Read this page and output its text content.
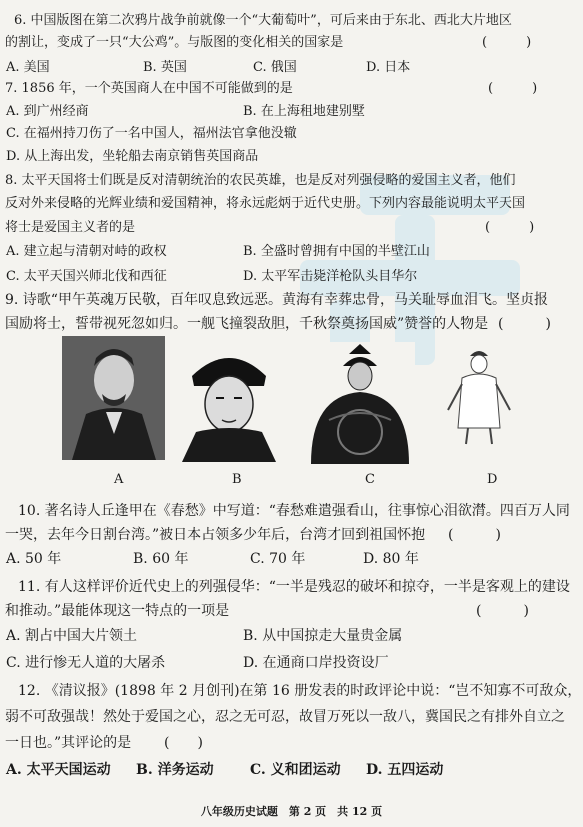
6. 中国版图在第二次鸦片战争前就像一个“大葡萄叶”，可后来由于东北、西北大片地区
的割让，变成了一只“大公鸡”。与版图的变化相关的国家是	(　　　)
A. 美国	B. 英国	C. 俄国	D. 日本
7. 1856 年，一个英国商人在中国不可能做到的是	(　　　)
A. 到广州经商	B. 在上海租地建别墅
C. 在福州持刀伤了一名中国人，福州法官拿他没辙
D. 从上海出发，坐轮船去南京销售英国商品
8. 太平天国将士们既是反对清朝统治的农民英雄，也是反对列强侵略的爱国主义者，他们
反对外来侵略的光辉业绩和爱国精神，将永远彪炳于近代史册。下列内容最能说明太平天国
将士是爱国主义者的是	(　　　)
A. 建立起与清朝对峙的政权	B. 全盛时曾拥有中国的半壁江山
C. 太平天国兴师北伐和西征	D. 太平军击毙洋枪队头目华尔
9. 诗歌“甲午英魂万民敬，百年叹息致远恶。黄海有幸葬忠骨，马关耻辱血泪飞。坚贞报
国励将士，誓带视死忽如归。一舰飞撞裂敌胆，千秋祭奠扬国威”赞誉的人物是 (　　　)
A	B	C	D
10. 著名诗人丘逢甲在《春愁》中写道：“春愁难遣强看山，往事惊心泪欲潸。四百万人同
一哭，去年今日割台湾。”被日本占领多少年后，台湾才回到祖国怀抱 (　　　)
A. 50 年	B. 60 年	C. 70 年	D. 80 年
11. 有人这样评价近代史上的列强侵华：“一半是残忍的破坏和掠夺，一半是客观上的建设
和推动。”最能体现这一特点的一项是	(　　　)
A. 割占中国大片领土	B. 从中国掠走大量贵金属
C. 进行惨无人道的大屠杀	D. 在通商口岸投资设厂
12. 《清议报》(1898 年 2 月创刊)在第 16 册发表的时政评论中说：“岂不知寡不可敌众，
弱不可敌强哉！然处于爱国之心，忍之无可忍，故冒万死以一敌八，冀国民之有排外自立之
一日也。”其评论的是 (　　)
A. 太平天国运动 B. 洋务运动	C. 义和团运动 D. 五四运动
八年级历史试题　第 2 页　共 12 页
